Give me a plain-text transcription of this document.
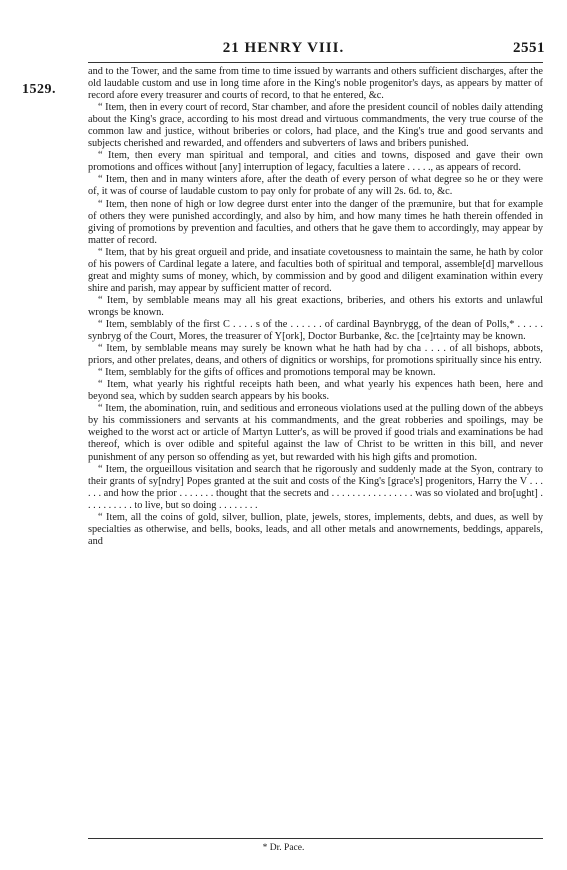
21 HENRY VIII.	2551
1529.

and to the Tower, and the same from time to time issued by warrants and others sufficient discharges, after the old laudable custom and use in long time afore in the King's noble progenitor's days, as appears by matter of record afore every treasurer and courts of record, to that he entered, &c.

“ Item, then in every court of record, Star chamber, and afore the president council of nobles daily attending about the King's grace, according to his most dread and virtuous commandments, the very true course of the common law and justice, without briberies or colors, had place, and the King's true and good servants and subjects cherished and rewarded, and offenders and subverters of laws and bribers punished.

“ Item, then every man spiritual and temporal, and cities and towns, disposed and gave their own promotions and offices without [any] interruption of legacy, faculties a latere . . . . ., as appears of record.

“ Item, then and in many winters afore, after the death of every person of what degree so he or they were of, it was of course of laudable custom to pay only for probate of any will 2s. 6d. to, &c.

“ Item, then none of high or low degree durst enter into the danger of the præmunire, but that for example of others they were punished accordingly, and also by him, and how many times he hath therein offended in giving of promotions by prevention and faculties, and others that he gave them to accordingly, may appear by matter of record.

“ Item, that by his great orgueil and pride, and insatiate covetousness to maintain the same, he hath by color of his powers of Cardinal legate a latere, and faculties both of spiritual and temporal, assemble[d] marvellous great and mighty sums of money, which, by commission and by good and diligent examination within every shire and parish, may appear by sufficient matter of record.

“ Item, by semblable means may all his great exactions, briberies, and others his extorts and unlawful wrongs be known.

“ Item, semblably of the first C . . . . s of the . . . . . . of cardinal Baynbrygg, of the dean of Polls,* . . . . . synbryg of the Court, Mores, the treasurer of Y[ork], Doctor Burbanke, &c. the [ce]rtainty may be known.

“ Item, by semblable means may surely be known what he hath had by cha . . . . of all bishops, abbots, priors, and other prelates, deans, and others of dignitics or worships, for promotions spiritually since his entry.

“ Item, semblably for the gifts of offices and promotions temporal may be known.

“ Item, what yearly his rightful receipts hath been, and what yearly his expences hath been, here and beyond sea, which by sudden search appears by his books.

“ Item, the abomination, ruin, and seditious and erroneous violations used at the pulling down of the abbeys by his commissioners and servants at his commandments, and the great robberies and spoilings, may be weighed to the worst act or article of Martyn Lutter's, as will be proved if good trials and examinations be had thereof, which is over odible and spiteful against the law of Christ to be written in this bill, and never punishment of any person so offending as yet, but rewarded with his high gifts and promotion.

“ Item, the orgueillous visitation and search that he rigorously and suddenly made at the Syon, contrary to their grants of sy[ndry] Popes granted at the suit and costs of the King's [grace's] progenitors, Harry the V . . . . . . and how the prior . . . . . . . thought that the secrets and . . . . . . . . . . . . . . . . was so violated and bro[ught] . . . . . . . . . . to live, but so doing . . . . . . . .

“ Item, all the coins of gold, silver, bullion, plate, jewels, stores, implements, debts, and dues, as well by specialties as otherwise, and bells, books, leads, and all other metals and anowrnements, beddings, apparels, and

* Dr. Pace.
